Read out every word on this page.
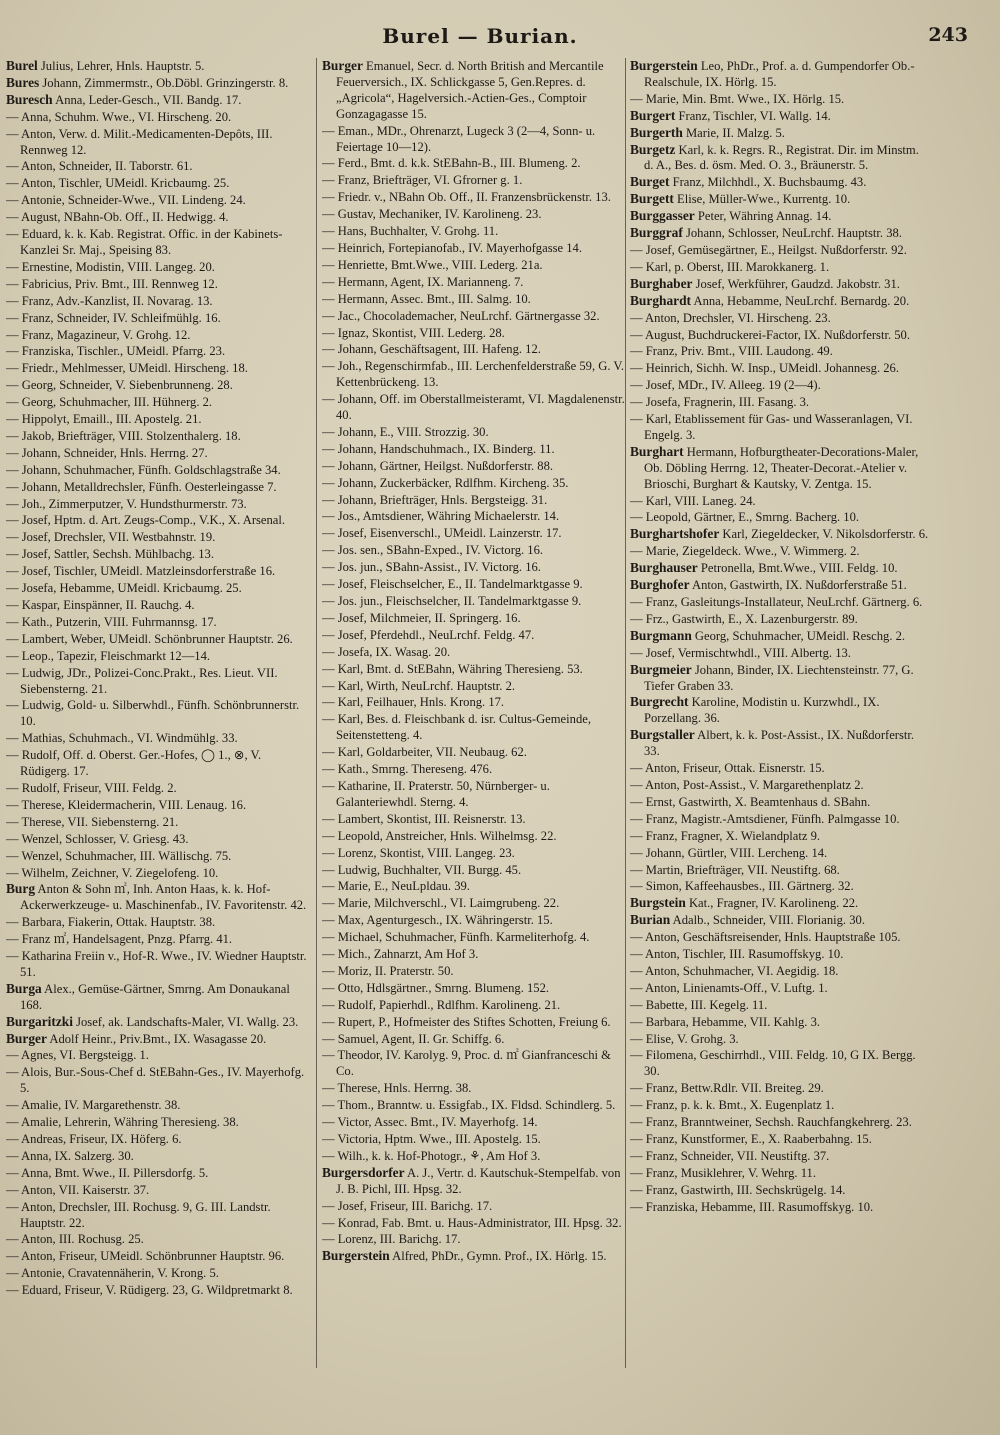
Burel — Burian.	243

Burel Julius, Lehrer, Hnls. Hauptstr. 5.

Bures Johann, Zimmermstr., Ob.Döbl. Grinzingerstr. 8.

Buresch Anna, Leder-Gesch., VII. Bandg. 17.

— Anna, Schuhm. Wwe., VI. Hirscheng. 20.

— Anton, Verw. d. Milit.-Medicamenten-Depôts, III. Rennweg 12.

— Anton, Schneider, II. Taborstr. 61.

— Anton, Tischler, UMeidl. Kricbaumg. 25.

— Antonie, Schneider-Wwe., VII. Lindeng. 24.

— August, NBahn-Ob. Off., II. Hedwigg. 4.

— Eduard, k. k. Kab. Registrat. Offic. in der Kabinets-Kanzlei Sr. Maj., Speising 83.

— Ernestine, Modistin, VIII. Langeg. 20.

— Fabricius, Priv. Bmt., III. Rennweg 12.

— Franz, Adv.-Kanzlist, II. Novarag. 13.

— Franz, Schneider, IV. Schleifmühlg. 16.

— Franz, Magazineur, V. Grohg. 12.

— Franziska, Tischler., UMeidl. Pfarrg. 23.

— Friedr., Mehlmesser, UMeidl. Hirscheng. 18.

— Georg, Schneider, V. Siebenbrunneng. 28.

— Georg, Schuhmacher, III. Hühnerg. 2.

— Hippolyt, Emaill., III. Apostelg. 21.

— Jakob, Briefträger, VIII. Stolzenthalerg. 18.

— Johann, Schneider, Hnls. Herrng. 27.

— Johann, Schuhmacher, Fünfh. Goldschlagstraße 34.

— Johann, Metalldrechsler, Fünfh. Oesterleingasse 7.

— Joh., Zimmerputzer, V. Hundsthurmerstr. 73.

— Josef, Hptm. d. Art. Zeugs-Comp., V.K., X. Arsenal.

— Josef, Drechsler, VII. Westbahnstr. 19.

— Josef, Sattler, Sechsh. Mühlbachg. 13.

— Josef, Tischler, UMeidl. Matzleinsdorferstraße 16.

— Josefa, Hebamme, UMeidl. Kricbaumg. 25.

— Kaspar, Einspänner, II. Rauchg. 4.

— Kath., Putzerin, VIII. Fuhrmannsg. 17.

— Lambert, Weber, UMeidl. Schönbrunner Hauptstr. 26.

— Leop., Tapezir, Fleischmarkt 12—14.

— Ludwig, JDr., Polizei-Conc.Prakt., Res. Lieut. VII. Siebensterng. 21.

— Ludwig, Gold- u. Silberwhdl., Fünfh. Schönbrunnerstr. 10.

— Mathias, Schuhmach., VI. Windmühlg. 33.

— Rudolf, Off. d. Oberst. Ger.-Hofes, ◯ 1., ⊗, V. Rüdigerg. 17.

— Rudolf, Friseur, VIII. Feldg. 2.

— Therese, Kleidermacherin, VIII. Lenaug. 16.

— Therese, VII. Siebensterng. 21.

— Wenzel, Schlosser, V. Griesg. 43.

— Wenzel, Schuhmacher, III. Wällischg. 75.

— Wilhelm, Zeichner, V. Ziegelofeng. 10.

Burg Anton & Sohn ㎡, Inh. Anton Haas, k. k. Hof-Ackerwerkzeuge- u. Maschinenfab., IV. Favoritenstr. 42.

— Barbara, Fiakerin, Ottak. Hauptstr. 38.

— Franz ㎡, Handelsagent, Pnzg. Pfarrg. 41.

— Katharina Freiin v., Hof-R. Wwe., IV. Wiedner Hauptstr. 51.

Burga Alex., Gemüse-Gärtner, Smrng. Am Donaukanal 168.

Burgaritzki Josef, ak. Landschafts-Maler, VI. Wallg. 23.

Burger Adolf Heinr., Priv.Bmt., IX. Wasagasse 20.

— Agnes, VI. Bergsteigg. 1.

— Alois, Bur.-Sous-Chef d. StEBahn-Ges., IV. Mayerhofg. 5.

— Amalie, IV. Margarethenstr. 38.

— Amalie, Lehrerin, Währing Theresieng. 38.

— Andreas, Friseur, IX. Höferg. 6.

— Anna, IX. Salzerg. 30.

— Anna, Bmt. Wwe., II. Pillersdorfg. 5.

— Anton, VII. Kaiserstr. 37.

— Anton, Drechsler, III. Rochusg. 9, G. III. Landstr. Hauptstr. 22.

— Anton, III. Rochusg. 25.

— Anton, Friseur, UMeidl. Schönbrunner Hauptstr. 96.

— Antonie, Cravatennäherin, V. Krong. 5.

— Eduard, Friseur, V. Rüdigerg. 23, G. Wildpretmarkt 8.

Burger Emanuel, Secr. d. North British and Mercantile Feuerversich., IX. Schlickgasse 5, Gen.Repres. d. „Agricola“, Hagelversich.-Actien-Ges., Comptoir Gonzagagasse 15.

— Eman., MDr., Ohrenarzt, Lugeck 3 (2—4, Sonn- u. Feiertage 10—12).

— Ferd., Bmt. d. k.k. StEBahn-B., III. Blumeng. 2.

— Franz, Briefträger, VI. Gfrorner g. 1.

— Friedr. v., NBahn Ob. Off., II. Franzensbrückenstr. 13.

— Gustav, Mechaniker, IV. Karolineng. 23.

— Hans, Buchhalter, V. Grohg. 11.

— Heinrich, Fortepianofab., IV. Mayerhofgasse 14.

— Henriette, Bmt.Wwe., VIII. Lederg. 21a.

— Hermann, Agent, IX. Marianneng. 7.

— Hermann, Assec. Bmt., III. Salmg. 10.

— Jac., Chocolademacher, NeuLrchf. Gärtnergasse 32.

— Ignaz, Skontist, VIII. Lederg. 28.

— Johann, Geschäftsagent, III. Hafeng. 12.

— Joh., Regenschirmfab., III. Lerchenfelderstraße 59, G. V. Kettenbrückeng. 13.

— Johann, Off. im Oberstallmeisteramt, VI. Magdalenenstr. 40.

— Johann, E., VIII. Strozzig. 30.

— Johann, Handschuhmach., IX. Binderg. 11.

— Johann, Gärtner, Heilgst. Nußdorferstr. 88.

— Johann, Zuckerbäcker, Rdlfhm. Kircheng. 35.

— Johann, Briefträger, Hnls. Bergsteigg. 31.

— Jos., Amtsdiener, Währing Michaelerstr. 14.

— Josef, Eisenverschl., UMeidl. Lainzerstr. 17.

— Jos. sen., SBahn-Exped., IV. Victorg. 16.

— Jos. jun., SBahn-Assist., IV. Victorg. 16.

— Josef, Fleischselcher, E., II. Tandelmarktgasse 9.

— Jos. jun., Fleischselcher, II. Tandelmarktgasse 9.

— Josef, Milchmeier, II. Springerg. 16.

— Josef, Pferdehdl., NeuLrchf. Feldg. 47.

— Josefa, IX. Wasag. 20.

— Karl, Bmt. d. StEBahn, Währing Theresieng. 53.

— Karl, Wirth, NeuLrchf. Hauptstr. 2.

— Karl, Feilhauer, Hnls. Krong. 17.

— Karl, Bes. d. Fleischbank d. isr. Cultus-Gemeinde, Seitenstetteng. 4.

— Karl, Goldarbeiter, VII. Neubaug. 62.

— Kath., Smrng. Thereseng. 476.

— Katharine, II. Praterstr. 50, Nürnberger- u. Galanteriewhdl. Sterng. 4.

— Lambert, Skontist, III. Reisnerstr. 13.

— Leopold, Anstreicher, Hnls. Wilhelmsg. 22.

— Lorenz, Skontist, VIII. Langeg. 23.

— Ludwig, Buchhalter, VII. Burgg. 45.

— Marie, E., NeuLpldau. 39.

— Marie, Milchverschl., VI. Laimgrubeng. 22.

— Max, Agenturgesch., IX. Währingerstr. 15.

— Michael, Schuhmacher, Fünfh. Karmeliterhofg. 4.

— Mich., Zahnarzt, Am Hof 3.

— Moriz, II. Praterstr. 50.

— Otto, Hdlsgärtner., Smrng. Blumeng. 152.

— Rudolf, Papierhdl., Rdlfhm. Karolineng. 21.

— Rupert, P., Hofmeister des Stiftes Schotten, Freiung 6.

— Samuel, Agent, II. Gr. Schiffg. 6.

— Theodor, IV. Karolyg. 9, Proc. d. ㎡ Gianfranceschi & Co.

— Therese, Hnls. Herrng. 38.

— Thom., Branntw. u. Essigfab., IX. Fldsd. Schindlerg. 5.

— Victor, Assec. Bmt., IV. Mayerhofg. 14.

— Victoria, Hptm. Wwe., III. Apostelg. 15.

— Wilh., k. k. Hof-Photogr., ⚘, Am Hof 3.

Burgersdorfer A. J., Vertr. d. Kautschuk-Stempelfab. von J. B. Pichl, III. Hpsg. 32.

— Josef, Friseur, III. Barichg. 17.

— Konrad, Fab. Bmt. u. Haus-Administrator, III. Hpsg. 32.

— Lorenz, III. Barichg. 17.

Burgerstein Alfred, PhDr., Gymn. Prof., IX. Hörlg. 15.

Burgerstein Leo, PhDr., Prof. a. d. Gumpendorfer Ob.-Realschule, IX. Hörlg. 15.

— Marie, Min. Bmt. Wwe., IX. Hörlg. 15.

Burgert Franz, Tischler, VI. Wallg. 14.

Burgerth Marie, II. Malzg. 5.

Burgetz Karl, k. k. Regrs. R., Registrat. Dir. im Minstm. d. A., Bes. d. ösm. Med. O. 3., Bräunerstr. 5.

Burget Franz, Milchhdl., X. Buchsbaumg. 43.

Burgett Elise, Müller-Wwe., Kurrentg. 10.

Burggasser Peter, Währing Annag. 14.

Burggraf Johann, Schlosser, NeuLrchf. Hauptstr. 38.

— Josef, Gemüsegärtner, E., Heilgst. Nußdorferstr. 92.

— Karl, p. Oberst, III. Marokkanerg. 1.

Burghaber Josef, Werkführer, Gaudzd. Jakobstr. 31.

Burghardt Anna, Hebamme, NeuLrchf. Bernardg. 20.

— Anton, Drechsler, VI. Hirscheng. 23.

— August, Buchdruckerei-Factor, IX. Nußdorferstr. 50.

— Franz, Priv. Bmt., VIII. Laudong. 49.

— Heinrich, Sichh. W. Insp., UMeidl. Johannesg. 26.

— Josef, MDr., IV. Alleeg. 19 (2—4).

— Josefa, Fragnerin, III. Fasang. 3.

— Karl, Etablissement für Gas- und Wasseranlagen, VI. Engelg. 3.

Burghart Hermann, Hofburgtheater-Decorations-Maler, Ob. Döbling Herrng. 12, Theater-Decorat.-Atelier v. Brioschi, Burghart & Kautsky, V. Zentga. 15.

— Karl, VIII. Laneg. 24.

— Leopold, Gärtner, E., Smrng. Bacherg. 10.

Burghartshofer Karl, Ziegeldecker, V. Nikolsdorferstr. 6.

— Marie, Ziegeldeck. Wwe., V. Wimmerg. 2.

Burghauser Petronella, Bmt.Wwe., VIII. Feldg. 10.

Burghofer Anton, Gastwirth, IX. Nußdorferstraße 51.

— Franz, Gasleitungs-Installateur, NeuLrchf. Gärtnerg. 6.

— Frz., Gastwirth, E., X. Lazenburgerstr. 89.

Burgmann Georg, Schuhmacher, UMeidl. Reschg. 2.

— Josef, Vermischtwhdl., VIII. Albertg. 13.

Burgmeier Johann, Binder, IX. Liechtensteinstr. 77, G. Tiefer Graben 33.

Burgrecht Karoline, Modistin u. Kurzwhdl., IX. Porzellang. 36.

Burgstaller Albert, k. k. Post-Assist., IX. Nußdorferstr. 33.

— Anton, Friseur, Ottak. Eisnerstr. 15.

— Anton, Post-Assist., V. Margarethenplatz 2.

— Ernst, Gastwirth, X. Beamtenhaus d. SBahn.

— Franz, Magistr.-Amtsdiener, Fünfh. Palmgasse 10.

— Franz, Fragner, X. Wielandplatz 9.

— Johann, Gürtler, VIII. Lercheng. 14.

— Martin, Briefträger, VII. Neustiftg. 68.

— Simon, Kaffeehausbes., III. Gärtnerg. 32.

Burgstein Kat., Fragner, IV. Karolineng. 22.

Burian Adalb., Schneider, VIII. Florianig. 30.

— Anton, Geschäftsreisender, Hnls. Hauptstraße 105.

— Anton, Tischler, III. Rasumoffskyg. 10.

— Anton, Schuhmacher, VI. Aegidig. 18.

— Anton, Linienamts-Off., V. Luftg. 1.

— Babette, III. Kegelg. 11.

— Barbara, Hebamme, VII. Kahlg. 3.

— Elise, V. Grohg. 3.

— Filomena, Geschirrhdl., VIII. Feldg. 10, G IX. Bergg. 30.

— Franz, Bettw.Rdlr. VII. Breiteg. 29.

— Franz, p. k. k. Bmt., X. Eugenplatz 1.

— Franz, Branntweiner, Sechsh. Rauchfangkehrerg. 23.

— Franz, Kunstformer, E., X. Raaberbahng. 15.

— Franz, Schneider, VII. Neustiftg. 37.

— Franz, Musiklehrer, V. Wehrg. 11.

— Franz, Gastwirth, III. Sechskrügelg. 14.

— Franziska, Hebamme, III. Rasumoffskyg. 10.
